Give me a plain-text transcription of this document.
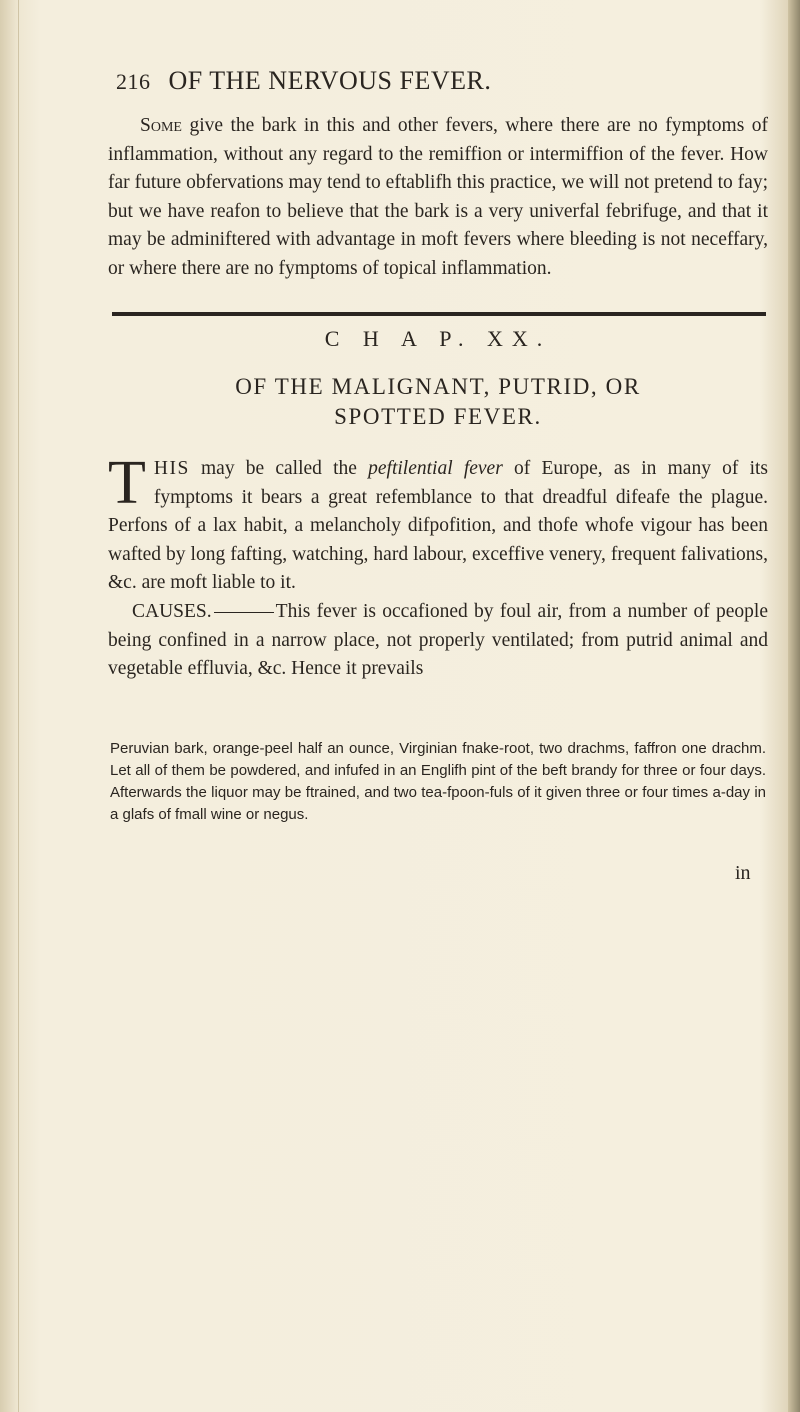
216 OF THE NERVOUS FEVER.

Some give the bark in this and other fevers, where there are no fymptoms of inflammation, without any regard to the remiffion or intermiffion of the fever. How far future obfervations may tend to eftablifh this practice, we will not pretend to fay; but we have reafon to believe that the bark is a very univerfal febrifuge, and that it may be adminiftered with advantage in moft fevers where bleeding is not neceffary, or where there are no fymptoms of topical inflammation.

C H A P. XX.
OF THE MALIGNANT, PUTRID, OR
SPOTTED FEVER.

THIS may be called the peftilential fever of Europe, as in many of its fymptoms it bears a great refemblance to that dreadful difeafe the plague. Perfons of a lax habit, a melancholy difpofition, and thofe whofe vigour has been wafted by long fafting, watching, hard labour, exceffive venery, frequent falivations, &c. are moft liable to it.

CAUSES.	This fever is occafioned by foul air, from a number of people being confined in a narrow place, not properly ventilated; from putrid animal and vegetable effluvia, &c. Hence it prevails

Peruvian bark, orange-peel half an ounce, Virginian fnake-root, two drachms, faffron one drachm. Let all of them be powdered, and infufed in an Englifh pint of the beft brandy for three or four days. Afterwards the liquor may be ftrained, and two tea-fpoon-fuls of it given three or four times a-day in a glafs of fmall wine or negus.
in
